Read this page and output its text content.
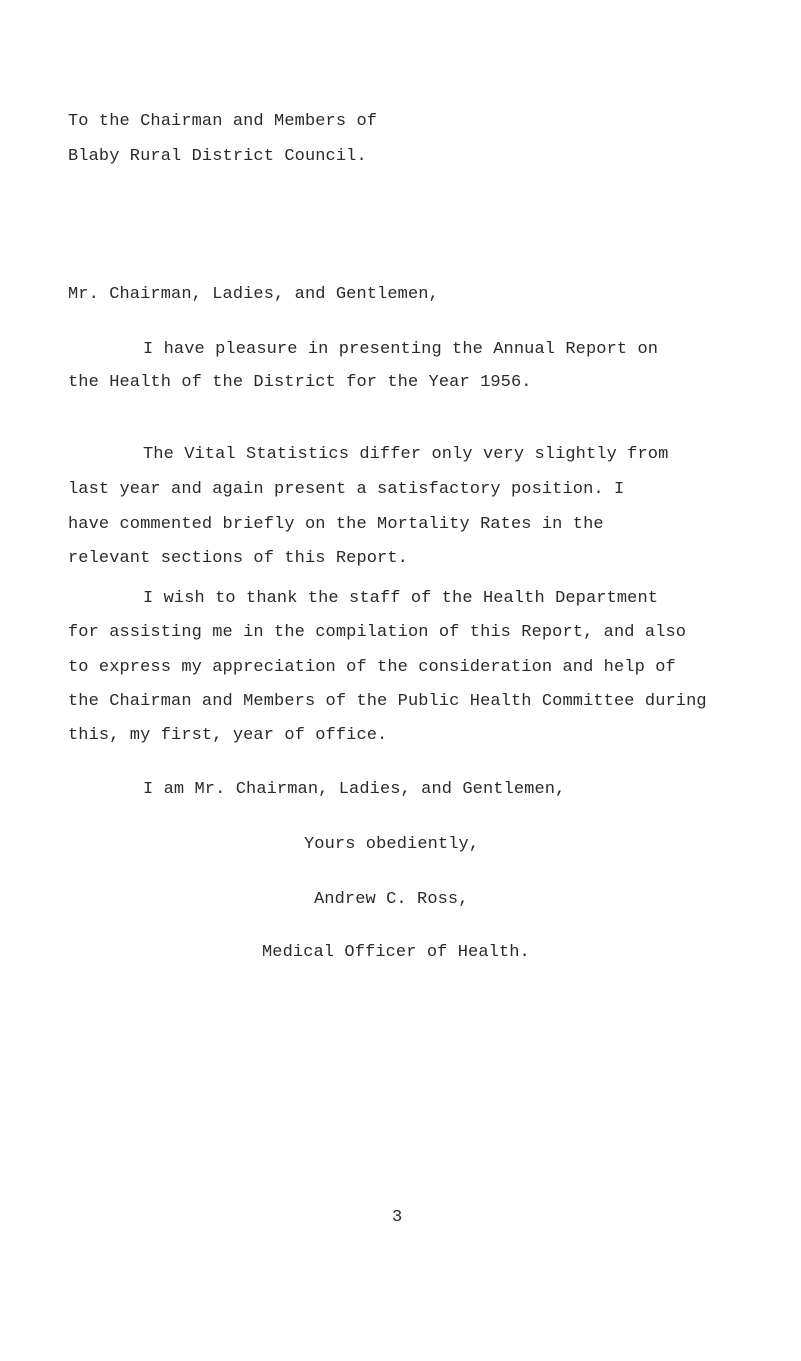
To the Chairman and Members of
Blaby Rural District Council.
Mr. Chairman, Ladies, and Gentlemen,
I have pleasure in presenting the Annual Report on
the Health of the District for the Year 1956.
The Vital Statistics differ only very slightly from
last year and again present a satisfactory position. I
have commented briefly on the Mortality Rates in the
relevant sections of this Report.
I wish to thank the staff of the Health Department
for assisting me in the compilation of this Report, and also
to express my appreciation of the consideration and help of
the Chairman and Members of the Public Health Committee during
this, my first, year of office.
I am Mr. Chairman, Ladies, and Gentlemen,
Yours obediently,
Andrew C. Ross,
Medical Officer of Health.
3
